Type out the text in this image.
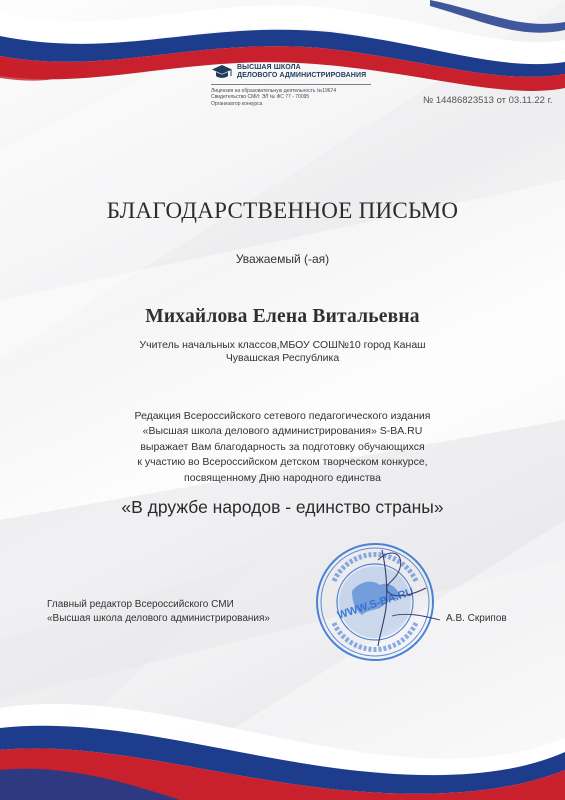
ВЫСШАЯ ШКОЛА
ДЕЛОВОГО АДМИНИСТРИРОВАНИЯ
Лицензия на образовательную деятельность №19674
Свидетельство СМИ: ЭЛ № ФС 77 - 70095
Организатор конкурса	№ 14486823513 от 03.11.22 г.
БЛАГОДАРСТВЕННОЕ ПИСЬМО
Уважаемый (-ая)
Михайлова Елена Витальевна
Учитель начальных классов,МБОУ СОШ№10 город Канаш
Чувашская Республика
Редакция Всероссийского сетевого педагогического издания
«Высшая школа делового администрирования» S-BA.RU
выражает Вам благодарность за подготовку обучающихся
к участию во Всероссийском детском творческом конкурсе,
посвященному Дню народного единства
«В дружбе народов - единство страны»
Главный редактор Всероссийского СМИ
«Высшая школа делового администрирования»	WWW.S-BA.RU	А.В. Скрипов
